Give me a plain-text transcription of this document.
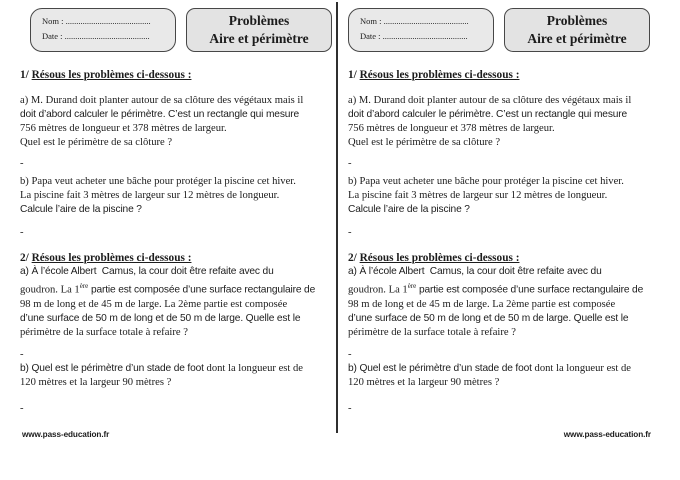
Nom : ........................................
Date : ........................................
Problèmes
Aire et périmètre
1/ Résous les problèmes ci-dessous :
a) M. Durand doit planter autour de sa clôture des végétaux mais il
doit d’abord calculer le périmètre. C’est un rectangle qui mesure
756 mètres de longueur et 378 mètres de largeur.
Quel est le périmètre de sa clôture ?
-
b) Papa veut acheter une bâche pour protéger la piscine cet hiver.
La piscine fait 3 mètres de largeur sur 12 mètres de longueur.
Calcule l’aire de la piscine ?
-
2/ Résous les problèmes ci-dessous :
a) À l’école Albert  Camus, la cour doit être refaite avec du
goudron. La 1ère partie est composée d’une surface rectangulaire de
98 m de long et de 45 m de large. La 2ème partie est composée
d’une surface de 50 m de long et de 50 m de large. Quelle est le
périmètre de la surface totale à refaire ?
-
b) Quel est le périmètre d’un stade de foot dont la longueur est de
120 mètres et la largeur 90 mètres ?
-
www.pass-education.fr
Nom : ........................................
Date : ........................................
Problèmes
Aire et périmètre
1/ Résous les problèmes ci-dessous :
a) M. Durand doit planter autour de sa clôture des végétaux mais il
doit d’abord calculer le périmètre. C’est un rectangle qui mesure
756 mètres de longueur et 378 mètres de largeur.
Quel est le périmètre de sa clôture ?
-
b) Papa veut acheter une bâche pour protéger la piscine cet hiver.
La piscine fait 3 mètres de largeur sur 12 mètres de longueur.
Calcule l’aire de la piscine ?
-
2/ Résous les problèmes ci-dessous :
a) À l’école Albert  Camus, la cour doit être refaite avec du
goudron. La 1ère partie est composée d’une surface rectangulaire de
98 m de long et de 45 m de large. La 2ème partie est composée
d’une surface de 50 m de long et de 50 m de large. Quelle est le
périmètre de la surface totale à refaire ?
-
b) Quel est le périmètre d’un stade de foot dont la longueur est de
120 mètres et la largeur 90 mètres ?
-
www.pass-education.fr
